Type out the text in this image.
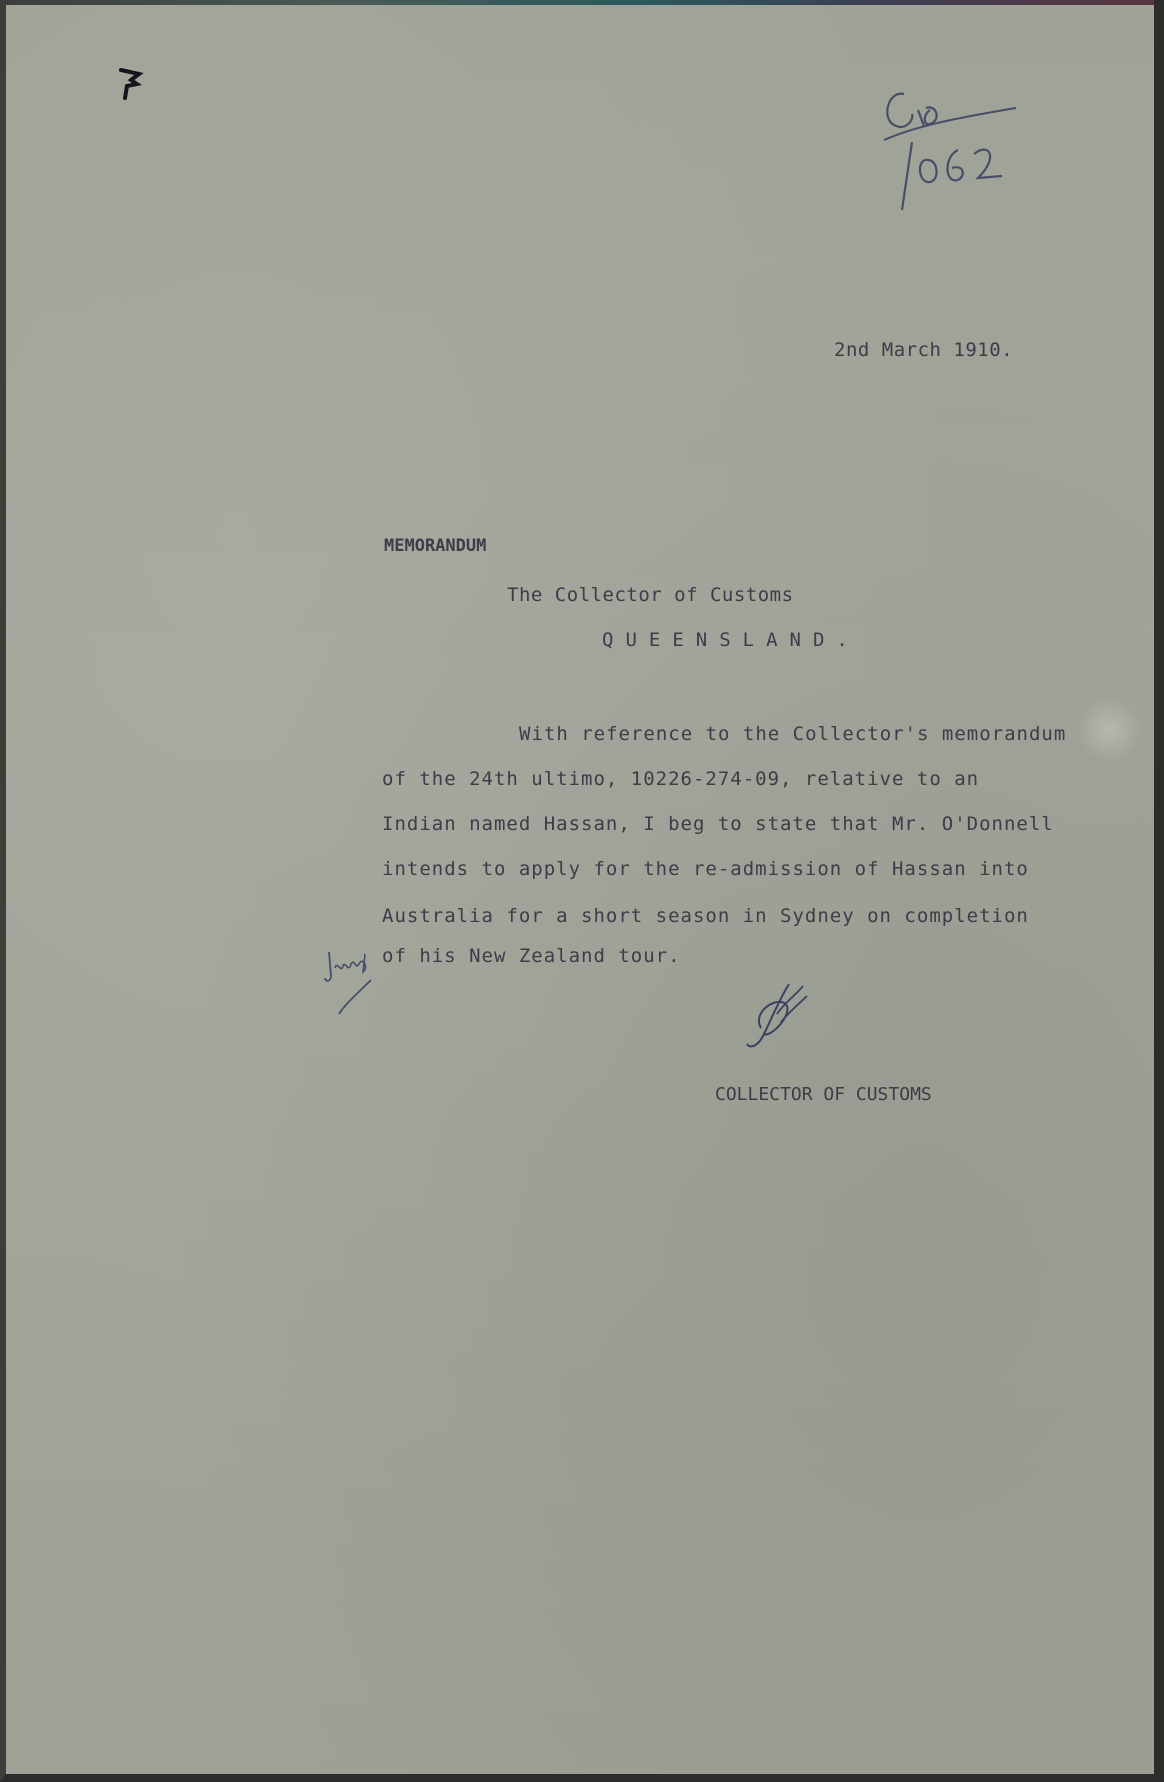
C10 1062
2nd March 1910.
MEMORANDUM
The Collector of Customs
QUEENSLAND.
With reference to the Collector's memorandum
of the 24th ultimo, 10226-274-09, relative to an
Indian named Hassan, I beg to state that Mr. O'Donnell
intends to apply for the re-admission of Hassan into
Australia for a short season in Sydney on completion
of his New Zealand tour.
COLLECTOR OF CUSTOMS
